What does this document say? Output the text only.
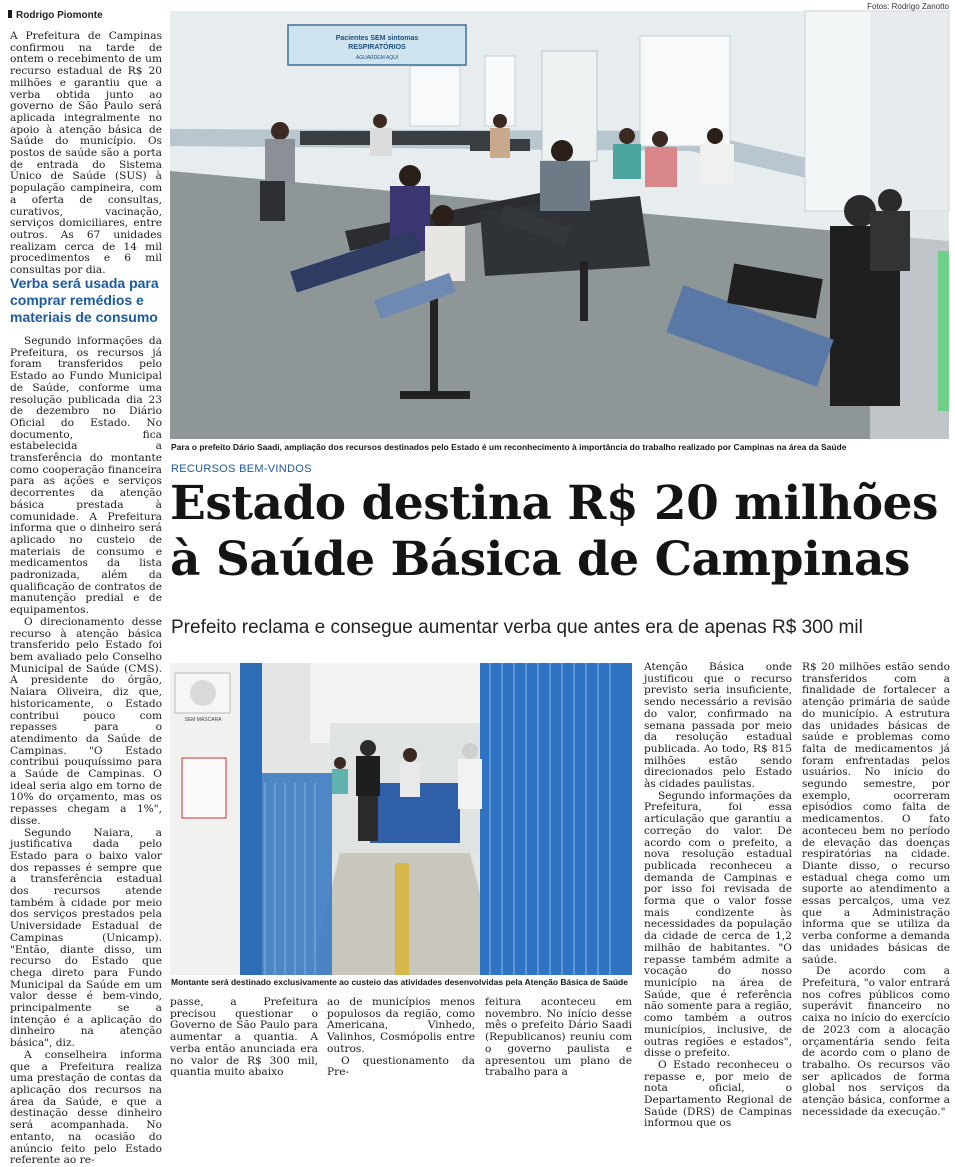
Rodrigo Piomonte
Fotos: Rodrigo Zanotto

A Prefeitura de Campinas confirmou na tarde de ontem o recebimento de um recurso estadual de R$ 20 milhões e garantiu que a verba obtida junto ao governo de São Paulo será aplicada integralmente no apoio à atenção básica de Saúde do município. Os postos de saúde são a porta de entrada do Sistema Único de Saúde (SUS) à população campineira, com a oferta de consultas, curativos, vacinação, serviços domiciliares, entre outros. As 67 unidades realizam cerca de 14 mil procedimentos e 6 mil consultas por dia.

Verba será usada para comprar remédios e materiais de consumo

Segundo informações da Prefeitura, os recursos já foram transferidos pelo Estado ao Fundo Municipal de Saúde, conforme uma resolução publicada dia 23 de dezembro no Diário Oficial do Estado. No documento, fica estabelecida a transferência do montante como cooperação financeira para as ações e serviços decorrentes da atenção básica prestada à comunidade. A Prefeitura informa que o dinheiro será aplicado no custeio de materiais de consumo e medicamentos da lista padronizada, além da qualificação de contratos de manutenção predial e de equipamentos.

O direcionamento desse recurso à atenção básica transferido pelo Estado foi bem avaliado pelo Conselho Municipal de Saúde (CMS). A presidente do órgão, Naiara Oliveira, diz que, historicamente, o Estado contribui pouco com repasses para o atendimento da Saúde de Campinas. "O Estado contribui pouquíssimo para a Saúde de Campinas. O ideal seria algo em torno de 10% do orçamento, mas os repasses chegam a 1%", disse.

Segundo Naiara, a justificativa dada pelo Estado para o baixo valor dos repasses é sempre que a transferência estadual dos recursos atende também à cidade por meio dos serviços prestados pela Universidade Estadual de Campinas (Unicamp). "Então, diante disso, um recurso do Estado que chega direto para Fundo Municipal da Saúde em um valor desse é bem-vindo, principalmente se a intenção é a aplicação do dinheiro na atenção básica", diz.

A conselheira informa que a Prefeitura realiza uma prestação de contas da aplicação dos recursos na área da Saúde, e que a destinação desse dinheiro será acompanhada. No entanto, na ocasião do anúncio feito pelo Estado referente ao re-

Pacientes SEM sintomas
RESPIRATÓRIOS
AGUARDEM AQUI
Para o prefeito Dário Saadi, ampliação dos recursos destinados pelo Estado é um reconhecimento à importância do trabalho realizado por Campinas na área da Saúde
RECURSOS BEM-VINDOS
Estado destina R$ 20 milhões
à Saúde Básica de Campinas
Prefeito reclama e consegue aumentar verba que antes era de apenas R$ 300 mil
SEM MÁSCARA
Montante será destinado exclusivamente ao custeio das atividades desenvolvidas pela Atenção Básica de Saúde

passe, a Prefeitura precisou questionar o Governo de São Paulo para aumentar a quantia. A verba então anunciada era no valor de R$ 300 mil, quantia muito abaixo

ao de municípios menos populosos da região, como Americana, Vinhedo, Valinhos, Cosmópolis entre outros.

O questionamento da Pre-

feitura aconteceu em novembro. No início desse mês o prefeito Dário Saadi (Republicanos) reuniu com o governo paulista e apresentou um plano de trabalho para a

Atenção Básica onde justificou que o recurso previsto seria insuficiente, sendo necessário a revisão do valor, confirmado na semana passada por meio da resolução estadual publicada. Ao todo, R$ 815 milhões estão sendo direcionados pelo Estado às cidades paulistas.

Segundo informações da Prefeitura, foi essa articulação que garantiu a correção do valor. De acordo com o prefeito, a nova resolução estadual publicada reconheceu a demanda de Campinas e por isso foi revisada de forma que o valor fosse mais condizente às necessidades da população da cidade de cerca de 1,2 milhão de habitantes. "O repasse também admite a vocação do nosso município na área de Saúde, que é referência não somente para a região, como também a outros municípios, inclusive, de outras regiões e estados", disse o prefeito.

O Estado reconheceu o repasse e, por meio de nota oficial, o Departamento Regional de Saúde (DRS) de Campinas informou que os

R$ 20 milhões estão sendo transferidos com a finalidade de fortalecer a atenção primária de saúde do município. A estrutura das unidades básicas de saúde e problemas como falta de medicamentos já foram enfrentadas pelos usuários. No início do segundo semestre, por exemplo, ocorreram episódios como falta de medicamentos. O fato aconteceu bem no período de elevação das doenças respiratórias na cidade. Diante disso, o recurso estadual chega como um suporte ao atendimento a essas percalços, uma vez que a Administração informa que se utiliza da verba conforme a demanda das unidades básicas de saúde.

De acordo com a Prefeitura, "o valor entrará nos cofres públicos como superávit financeiro no caixa no início do exercício de 2023 com a alocação orçamentária sendo feita de acordo com o plano de trabalho. Os recursos vão ser aplicados de forma global nos serviços da atenção básica, conforme a necessidade da execução."
